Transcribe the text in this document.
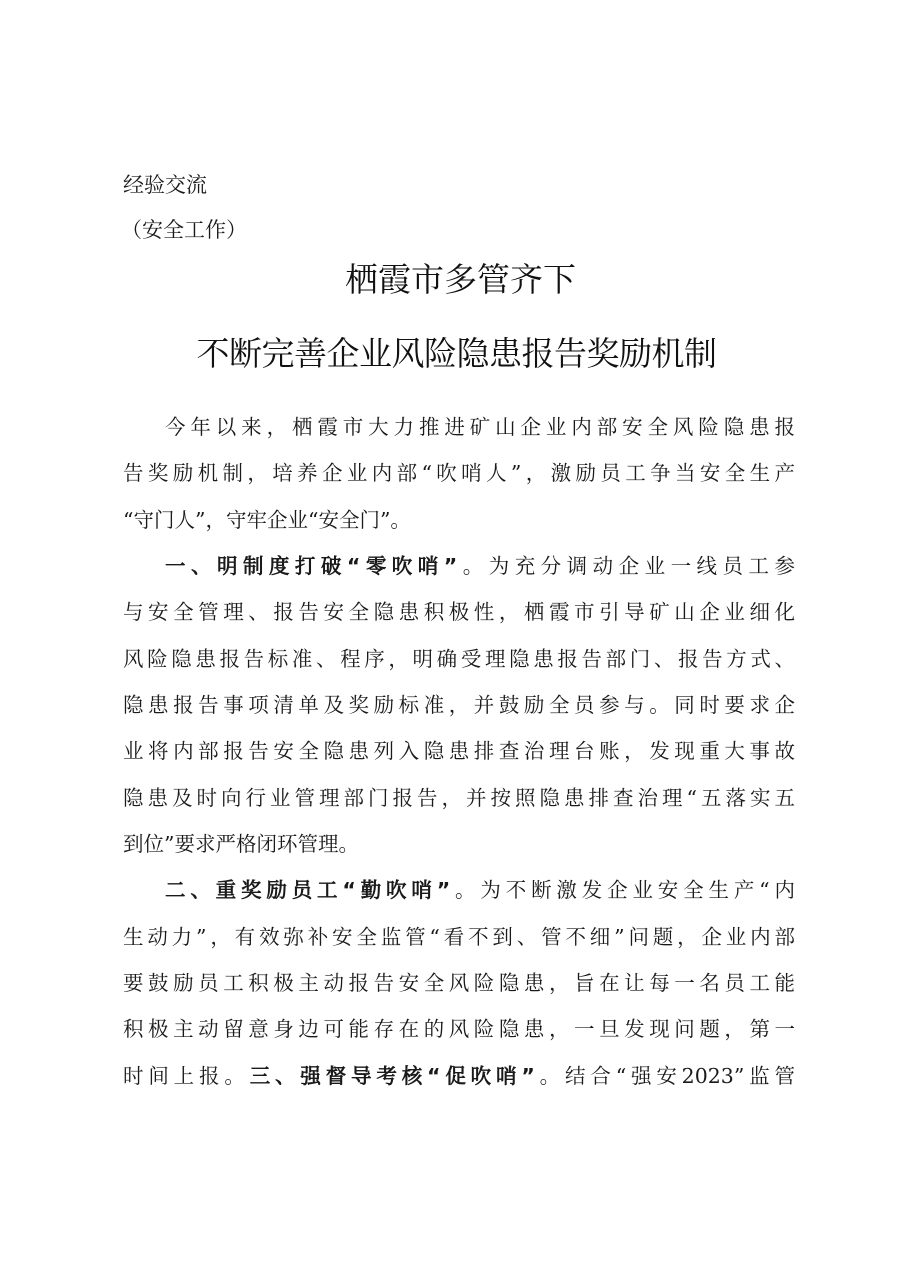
经验交流
（安全工作）
栖霞市多管齐下
不断完善企业风险隐患报告奖励机制
今年以来，栖霞市大力推进矿山企业内部安全风险隐患报
告奖励机制，培养企业内部“吹哨人”，激励员工争当安全生产
“守门人”，守牢企业“安全门”。
一、明制度打破“零吹哨”。为充分调动企业一线员工参
与安全管理、报告安全隐患积极性，栖霞市引导矿山企业细化
风险隐患报告标准、程序，明确受理隐患报告部门、报告方式、
隐患报告事项清单及奖励标准，并鼓励全员参与。同时要求企
业将内部报告安全隐患列入隐患排查治理台账，发现重大事故
隐患及时向行业管理部门报告，并按照隐患排查治理“五落实五
到位”要求严格闭环管理。
二、重奖励员工“勤吹哨”。为不断激发企业安全生产“内
生动力”，有效弥补安全监管“看不到、管不细”问题，企业内部
要鼓励员工积极主动报告安全风险隐患，旨在让每一名员工能
积极主动留意身边可能存在的风险隐患，一旦发现问题，第一
时间上报。三、强督导考核“促吹哨”。结合“强安2023”监管
